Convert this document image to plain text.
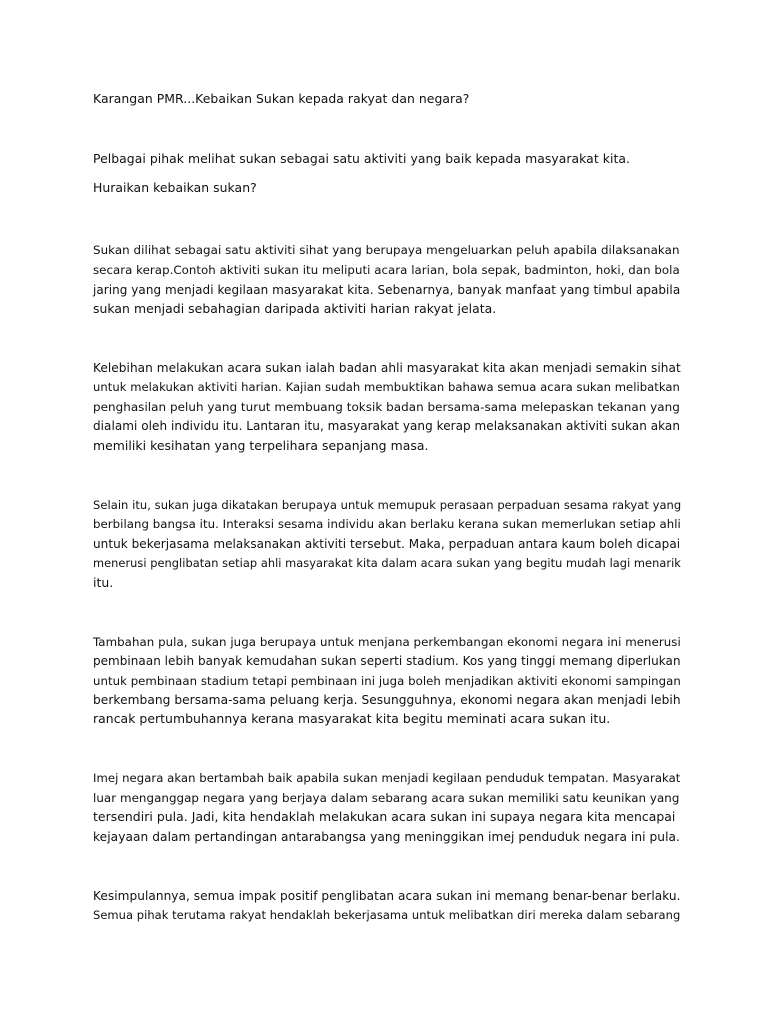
Karangan PMR...Kebaikan Sukan kepada rakyat dan negara?

Pelbagai pihak melihat sukan sebagai satu aktiviti yang baik kepada masyarakat kita.

Huraikan kebaikan sukan?

Sukan dilihat sebagai satu aktiviti sihat yang berupaya mengeluarkan peluh apabila dilaksanakan

secara kerap.Contoh aktiviti sukan itu meliputi acara larian, bola sepak, badminton, hoki, dan bola

jaring yang menjadi kegilaan masyarakat kita. Sebenarnya, banyak manfaat yang timbul apabila

sukan menjadi sebahagian daripada aktiviti harian rakyat jelata.

Kelebihan melakukan acara sukan ialah badan ahli masyarakat kita akan menjadi semakin sihat

untuk melakukan aktiviti harian. Kajian sudah membuktikan bahawa semua acara sukan melibatkan

penghasilan peluh yang turut membuang toksik badan bersama-sama melepaskan tekanan yang

dialami oleh individu itu. Lantaran itu, masyarakat yang kerap melaksanakan aktiviti sukan akan

memiliki kesihatan yang terpelihara sepanjang masa.

Selain itu, sukan juga dikatakan berupaya untuk memupuk perasaan perpaduan sesama rakyat yang

berbilang bangsa itu. Interaksi sesama individu akan berlaku kerana sukan memerlukan setiap ahli

untuk bekerjasama melaksanakan aktiviti tersebut. Maka, perpaduan antara kaum boleh dicapai

menerusi penglibatan setiap ahli masyarakat kita dalam acara sukan yang begitu mudah lagi menarik

itu.

Tambahan pula, sukan juga berupaya untuk menjana perkembangan ekonomi negara ini menerusi

pembinaan lebih banyak kemudahan sukan seperti stadium. Kos yang tinggi memang diperlukan

untuk pembinaan stadium tetapi pembinaan ini juga boleh menjadikan aktiviti ekonomi sampingan

berkembang bersama-sama peluang kerja. Sesungguhnya, ekonomi negara akan menjadi lebih

rancak pertumbuhannya kerana masyarakat kita begitu meminati acara sukan itu.

Imej negara akan bertambah baik apabila sukan menjadi kegilaan penduduk tempatan. Masyarakat

luar menganggap negara yang berjaya dalam sebarang acara sukan memiliki satu keunikan yang

tersendiri pula. Jadi, kita hendaklah melakukan acara sukan ini supaya negara kita mencapai

kejayaan dalam pertandingan antarabangsa yang meninggikan imej penduduk negara ini pula.

Kesimpulannya, semua impak positif penglibatan acara sukan ini memang benar-benar berlaku.

Semua pihak terutama rakyat hendaklah bekerjasama untuk melibatkan diri mereka dalam sebarang
